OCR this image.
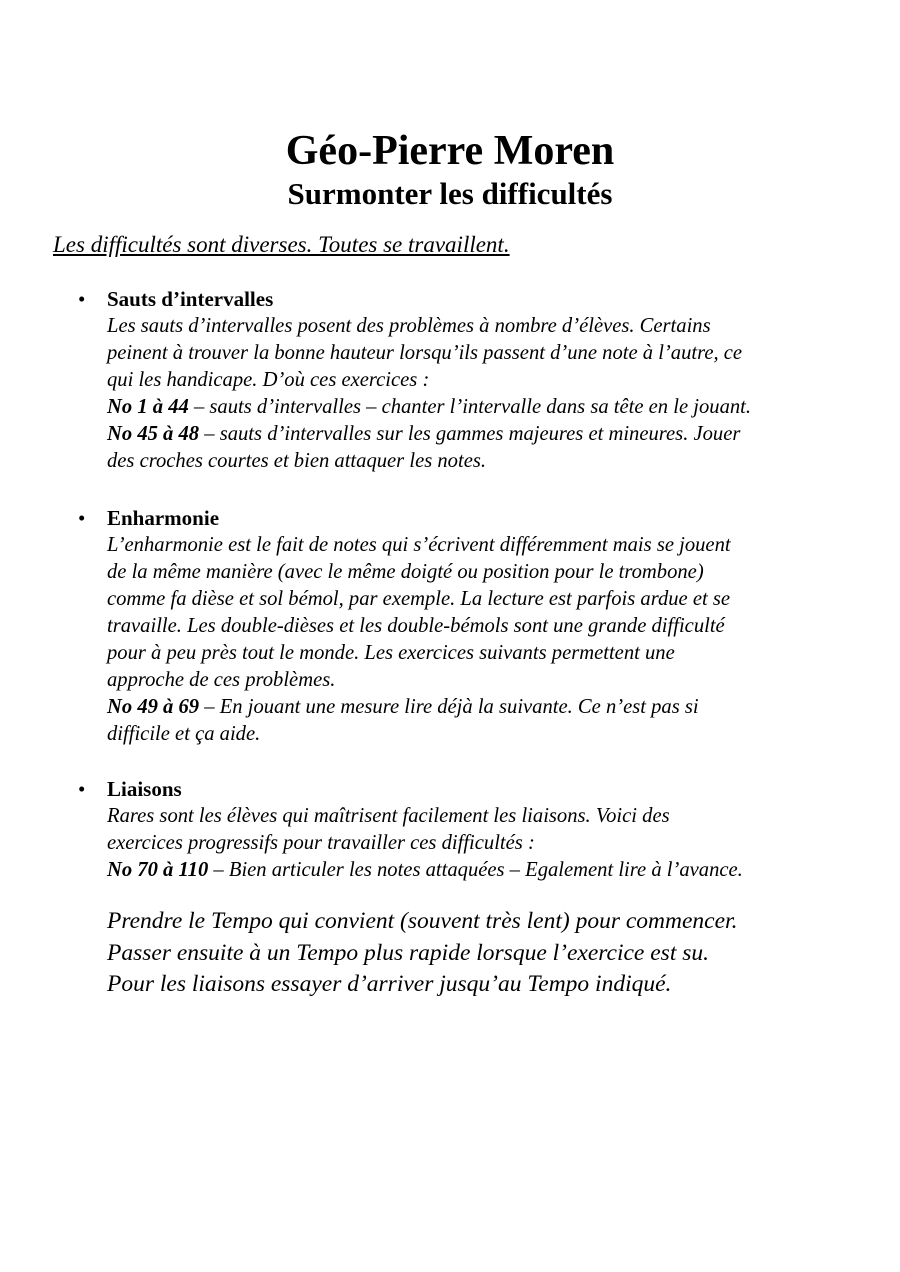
Géo-Pierre Moren
Surmonter les difficultés
Les difficultés sont diverses. Toutes se travaillent.
• Sauts d’intervalles
Les sauts d’intervalles posent des problèmes à nombre d’élèves. Certains
peinent à trouver la bonne hauteur lorsqu’ils passent d’une note à l’autre, ce
qui les handicape. D’où ces exercices :
No 1 à 44 – sauts d’intervalles – chanter l’intervalle dans sa tête en le jouant.
No 45 à 48 – sauts d’intervalles sur les gammes majeures et mineures. Jouer
des croches courtes et bien attaquer les notes.
• Enharmonie
L’enharmonie est le fait de notes qui s’écrivent différemment mais se jouent
de la même manière (avec le même doigté ou position pour le trombone)
comme fa dièse et sol bémol, par exemple. La lecture est parfois ardue et se
travaille. Les double-dièses et les double-bémols sont une grande difficulté
pour à peu près tout le monde. Les exercices suivants permettent une
approche de ces problèmes.
No 49 à 69 – En jouant une mesure lire déjà la suivante. Ce n’est pas si
difficile et ça aide.
• Liaisons
Rares sont les élèves qui maîtrisent facilement les liaisons. Voici des
exercices progressifs pour travailler ces difficultés :
No 70 à 110 – Bien articuler les notes attaquées – Egalement lire à l’avance.
Prendre le Tempo qui convient (souvent très lent) pour commencer.
Passer ensuite à un Tempo plus rapide lorsque l’exercice est su.
Pour les liaisons essayer d’arriver jusqu’au Tempo indiqué.
